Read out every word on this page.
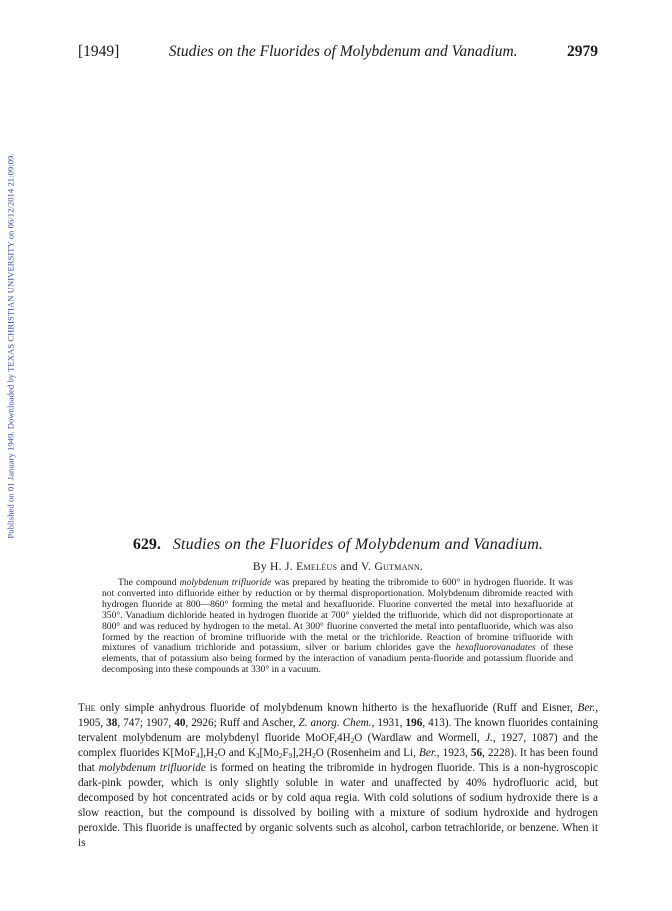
Published on 01 January 1949. Downloaded by TEXAS CHRISTIAN UNIVERSITY on 06/12/2014 21:09:09.
[1949]	Studies on the Fluorides of Molybdenum and Vanadium.	2979
629. Studies on the Fluorides of Molybdenum and Vanadium.
By H. J. Emeléus and V. Gutmann.

The compound molybdenum trifluoride was prepared by heating the tribromide to 600° in hydrogen fluoride. It was not converted into difluoride either by reduction or by thermal disproportionation. Molybdenum dibromide reacted with hydrogen fluoride at 800—860° forming the metal and hexafluoride. Fluorine converted the metal into hexafluoride at 350°. Vanadium dichloride heated in hydrogen fluoride at 700° yielded the trifluoride, which did not disproportionate at 800° and was reduced by hydrogen to the metal. At 300° fluorine converted the metal into pentafluoride, which was also formed by the reaction of bromine trifluoride with the metal or the trichloride. Reaction of bromine trifluoride with mixtures of vanadium trichloride and potassium, silver or barium chlorides gave the hexafluorovanadates of these elements, that of potassium also being formed by the interaction of vanadium penta-fluoride and potassium fluoride and decomposing into these compounds at 330° in a vacuum.

The only simple anhydrous fluoride of molybdenum known hitherto is the hexafluoride (Ruff and Eisner, Ber., 1905, 38, 747; 1907, 40, 2926; Ruff and Ascher, Z. anorg. Chem., 1931, 196, 413). The known fluorides containing tervalent molybdenum are molybdenyl fluoride $MoOF,4H_2O$ (Wardlaw and Wormell, J., 1927, 1087) and the complex fluorides $K[MoF_4],H_2O$ and $K_3[Mo_2F_9],2H_2O$ (Rosenheim and Li, Ber., 1923, 56, 2228). It has been found that molybdenum trifluoride is formed on heating the tribromide in hydrogen fluoride. This is a non-hygroscopic dark-pink powder, which is only slightly soluble in water and unaffected by 40% hydrofluoric acid, but decomposed by hot concentrated acids or by cold aqua regia. With cold solutions of sodium hydroxide there is a slow reaction, but the compound is dissolved by boiling with a mixture of sodium hydroxide and hydrogen peroxide. This fluoride is unaffected by organic solvents such as alcohol, carbon tetrachloride, or benzene. When it is
